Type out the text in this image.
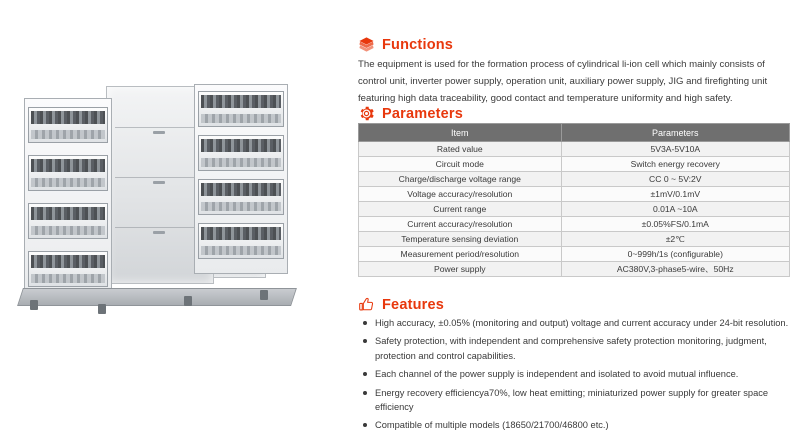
Functions
The equipment is used for the formation process of cylindrical li-ion cell which mainly consists of control unit, inverter power supply, operation unit, auxiliary power supply, JIG and firefighting unit featuring high data traceability, good contact and temperature uniformity and high safety.
Parameters
Item	Parameters
Rated value	5V3A-5V10A
Circuit mode	Switch energy recovery
Charge/discharge voltage range	CC 0 ~ 5V:2V
Voltage accuracy/resolution	±1mV/0.1mV
Current range	0.01A ~10A
Current accuracy/resolution	±0.05%FS/0.1mA
Temperature sensing deviation	±2℃
Measurement period/resolution	0~999h/1s (configurable)
Power supply	AC380V,3-phase5-wire、50Hz
Features
High accuracy, ±0.05% (monitoring and output) voltage and current accuracy under 24-bit resolution.
Safety protection, with independent and comprehensive safety protection monitoring, judgment, protection and control capabilities.
Each channel of the power supply is independent and isolated to avoid mutual influence.
Energy recovery efficiencya70%, low heat emitting; miniaturized power supply for greater space efficiency
Compatible of multiple models (18650/21700/46800 etc.)
